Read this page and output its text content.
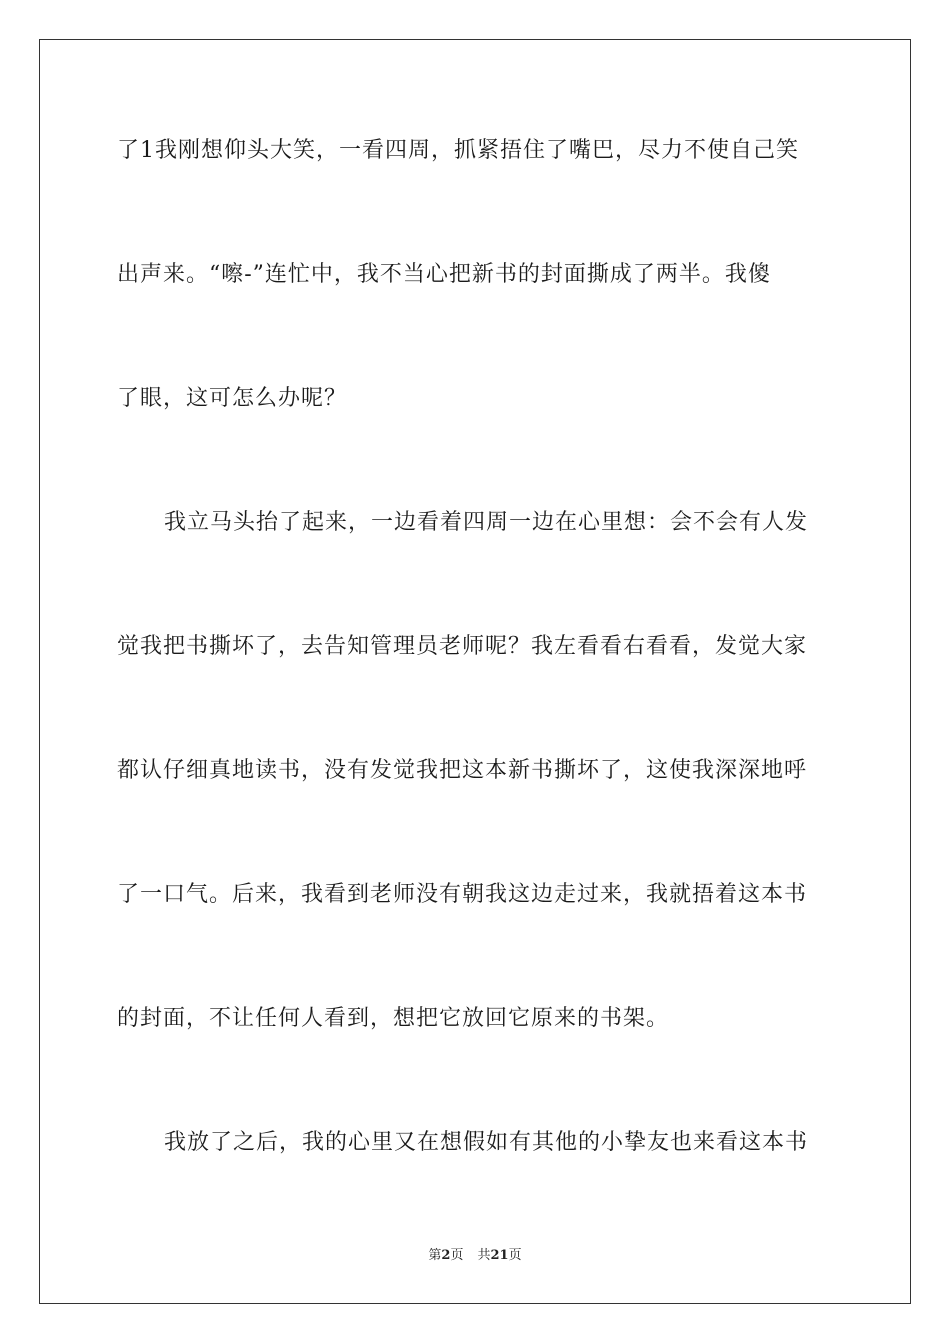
了1我刚想仰头大笑，一看四周，抓紧捂住了嘴巴，尽力不使自己笑
出声来。“嚓-”连忙中，我不当心把新书的封面撕成了两半。我傻
了眼，这可怎么办呢？
我立马头抬了起来，一边看着四周一边在心里想：会不会有人发
觉我把书撕坏了，去告知管理员老师呢？我左看看右看看，发觉大家
都认仔细真地读书，没有发觉我把这本新书撕坏了，这使我深深地呼
了一口气。后来，我看到老师没有朝我这边走过来，我就捂着这本书
的封面，不让任何人看到，想把它放回它原来的书架。
我放了之后，我的心里又在想假如有其他的小挚友也来看这本书
第2页 共21页
